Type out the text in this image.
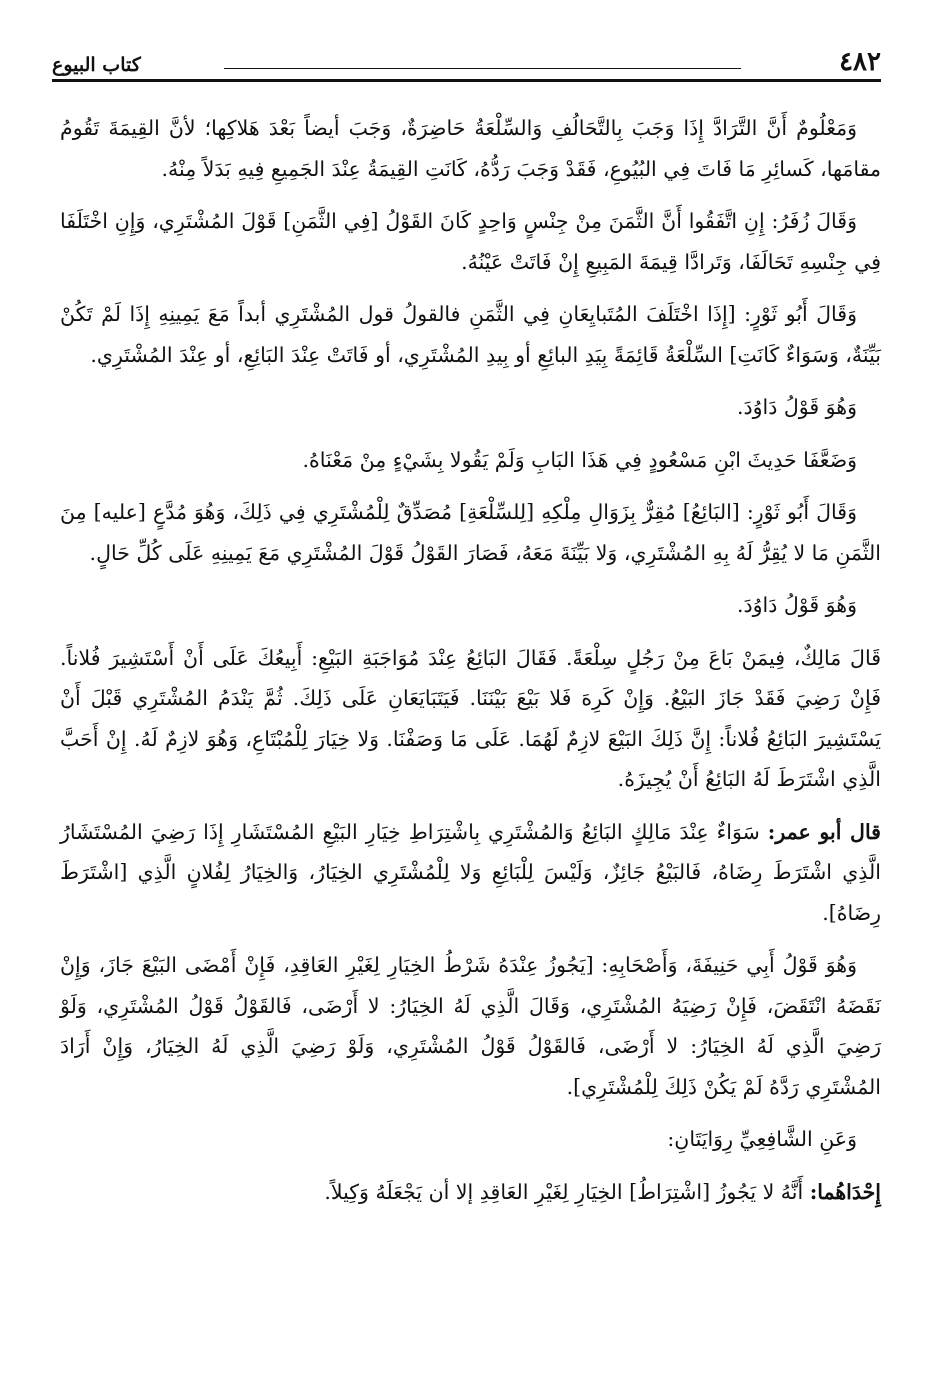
٤٨٢
كتاب البيوع

وَمَعْلُومٌ أَنَّ التَّرَادَّ إِذَا وَجَبَ بِالتَّحَالُفِ وَالسِّلْعَةُ حَاضِرَةٌ، وَجَبَ أيضاً بَعْدَ هَلاكِها؛ لأنَّ القِيمَةَ تَقُومُ مقامَها، كَسائِرِ مَا فَاتَ فِي البُيُوعِ، فَقَدْ وَجَبَ رَدُّهُ، كَانَتِ القِيمَةُ عِنْدَ الجَمِيعِ فِيهِ بَدَلاً مِنْهُ.

وَقَالَ زُفَرُ: إِنِ اتَّفَقُوا أَنَّ الثَّمَنَ مِنْ جِنْسٍ وَاحِدٍ كَانَ القَوْلُ [فِي الثَّمَنِ] قَوْلَ المُشْتَرِي، وَإِنِ اخْتَلَفَا فِي جِنْسِهِ تَحَالَفَا، وَتَرادَّا قِيمَةَ المَبِيعِ إِنْ فَاتَتْ عَيْنُهُ.

وَقَالَ أَبُو ثَوْرٍ: [إِذَا اخْتَلَفَ المُتَبايِعَانِ فِي الثَّمَنِ فالقولُ قول المُشْتَرِي أبداً مَعَ يَمِينِهِ إِذَا لَمْ تَكُنْ بَيِّنَةٌ، وَسَوَاءٌ كَانَتِ] السِّلْعَةُ قَائِمَةً بِيَدِ البائِعِ أو بِيدِ المُشْتَرِي، أو فَاتَتْ عِنْدَ البَائِعِ، أو عِنْدَ المُشْتَرِي.

وَهُوَ قَوْلُ دَاوُدَ.

وَضَعَّفَا حَدِيثَ ابْنِ مَسْعُودٍ فِي هَذَا البَابِ وَلَمْ يَقُولا بِشَيْءٍ مِنْ مَعْنَاهُ.

وَقَالَ أَبُو ثَوْرٍ: [البَائِعُ] مُقِرٌّ بِزَوَالِ مِلْكِهِ [لِلسِّلْعَةِ] مُصَدِّقٌ لِلْمُشْتَرِي فِي ذَلِكَ، وَهُوَ مُدَّعٍ [عليه] مِنَ الثَّمَنِ مَا لا يُقِرُّ لَهُ بِهِ المُشْتَرِي، وَلا بَيِّنَةَ مَعَهُ، فَصَارَ القَوْلُ قَوْلَ المُشْتَرِي مَعَ يَمِينِهِ عَلَى كُلِّ حَالٍ.

وَهُوَ قَوْلُ دَاوُدَ.

قَالَ مَالِكٌ، فِيمَنْ بَاعَ مِنْ رَجُلٍ سِلْعَةً. فَقَالَ البَائِعُ عِنْدَ مُوَاجَبَةِ البَيْعِ: أَبِيعُكَ عَلَى أَنْ أَسْتَشِيرَ فُلاناً. فَإِنْ رَضِيَ فَقَدْ جَازَ البَيْعُ. وَإِنْ كَرِهَ فَلا بَيْعَ بَيْنَنَا. فَيَتَبَايَعَانِ عَلَى ذَلِكَ. ثُمَّ يَنْدَمُ المُشْتَرِي قَبْلَ أَنْ يَسْتَشِيرَ البَائِعُ فُلاناً: إِنَّ ذَلِكَ البَيْعَ لازِمٌ لَهُمَا. عَلَى مَا وَصَفْنَا. وَلا خِيَارَ لِلْمُبْتَاعِ، وَهُوَ لازِمٌ لَهُ. إِنْ أَحَبَّ الَّذِي اشْتَرَطَ لَهُ البَائِعُ أَنْ يُجِيزَهُ.

قال أبو عمر: سَوَاءٌ عِنْدَ مَالِكٍ البَائِعُ وَالمُشْتَرِي بِاشْتِرَاطِ خِيَارِ البَيْعِ المُسْتَشَارِ إِذَا رَضِيَ المُسْتَشَارُ الَّذِي اشْتَرَطَ رِضَاهُ، فَالبَيْعُ جَائِزٌ، وَلَيْسَ لِلْبَائِعِ وَلا لِلْمُشْتَرِي الخِيَارُ، وَالخِيَارُ لِفُلانٍ الَّذِي [اشْتَرَطَ رِضَاهُ].

وَهُوَ قَوْلُ أَبِي حَنِيفَةَ، وَأَصْحَابِهِ: [يَجُوزُ عِنْدَهُ شَرْطُ الخِيَارِ لِغَيْرِ العَاقِدِ، فَإِنْ أَمْضَى البَيْعَ جَازَ، وَإِنْ نَقَضَهُ انْتَقَضَ، فَإِنْ رَضِيَهُ المُشْتَرِي، وَقَالَ الَّذِي لَهُ الخِيَارُ: لا أَرْضَى، فَالقَوْلُ قَوْلُ المُشْتَرِي، وَلَوْ رَضِيَ الَّذِي لَهُ الخِيَارُ: لا أَرْضَى، فَالقَوْلُ قَوْلُ المُشْتَرِي، وَلَوْ رَضِيَ الَّذِي لَهُ الخِيَارُ، وَإِنْ أَرَادَ المُشْتَرِي رَدَّهُ لَمْ يَكُنْ ذَلِكَ لِلْمُشْتَرِي].

وَعَنِ الشَّافِعِيِّ رِوَايَتَانِ:

إِحْدَاهُما: أَنَّهُ لا يَجُوزُ [اشْتِرَاطُ] الخِيَارِ لِغَيْرِ العَاقِدِ إلا أن يَجْعَلَهُ وَكِيلاً.
